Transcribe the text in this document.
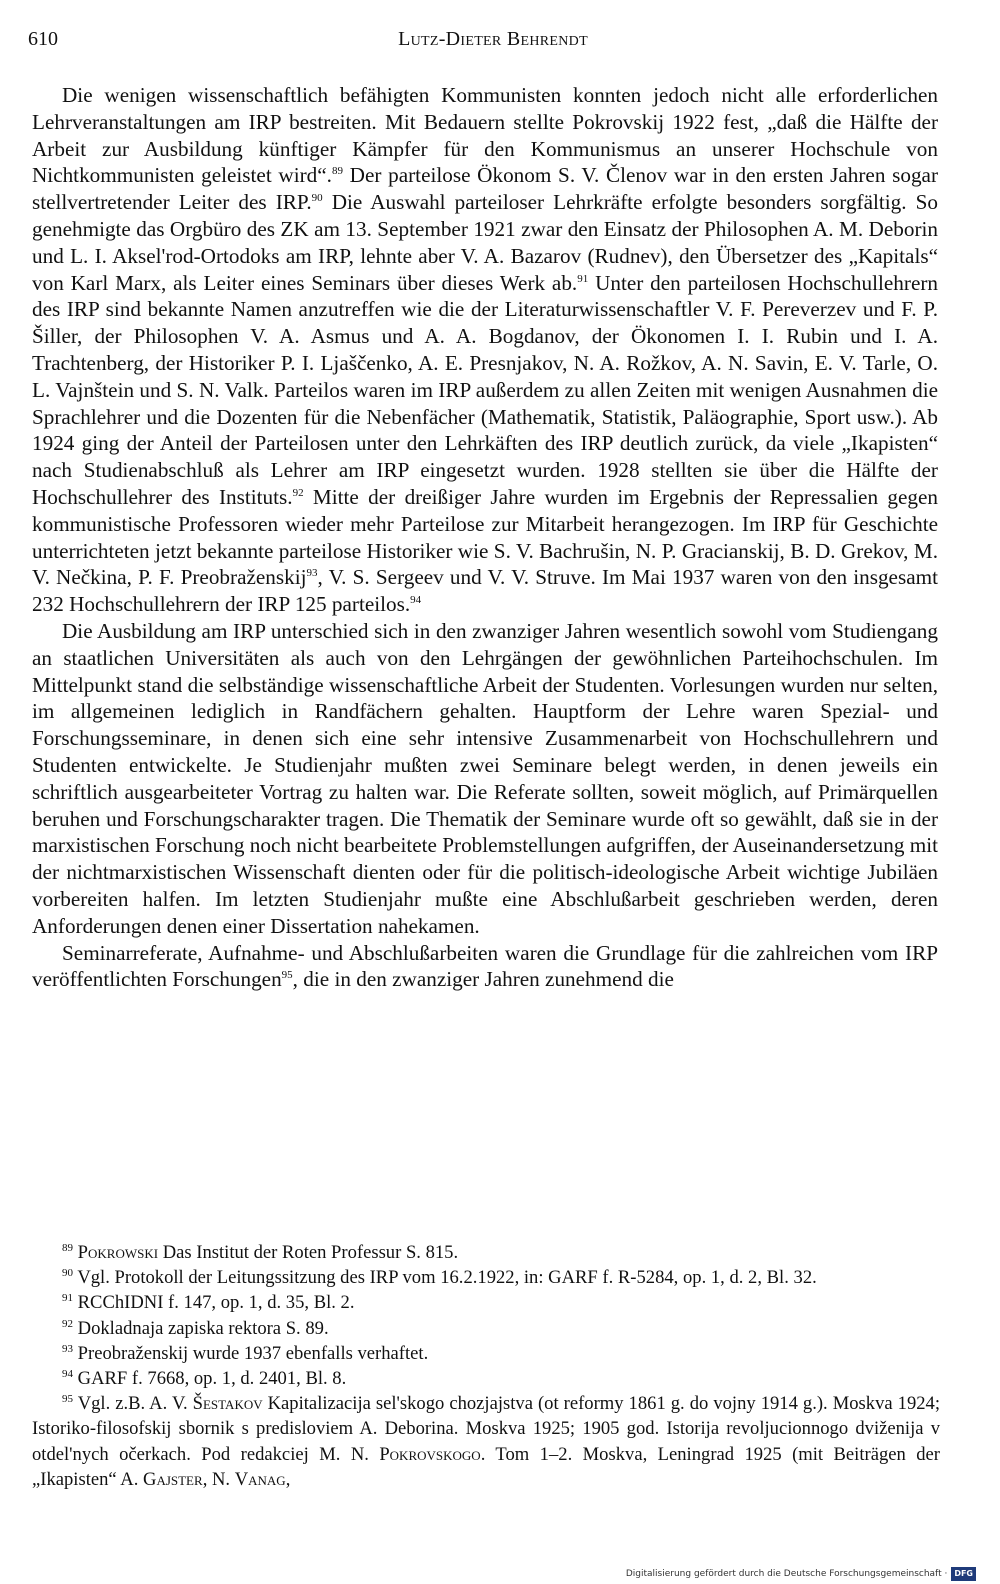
610	Lutz-Dieter Behrendt

Die wenigen wissenschaftlich befähigten Kommunisten konnten jedoch nicht alle erforderlichen Lehrveranstaltungen am IRP bestreiten. Mit Bedauern stellte Pokrovskij 1922 fest, „daß die Hälfte der Arbeit zur Ausbildung künftiger Kämpfer für den Kommunismus an unserer Hochschule von Nichtkommunisten geleistet wird“.$^{89}$ Der parteilose Ökonom S. V. Členov war in den ersten Jahren sogar stellvertretender Leiter des IRP.$^{90}$ Die Auswahl parteiloser Lehrkräfte erfolgte besonders sorgfältig. So genehmigte das Orgbüro des ZK am 13. September 1921 zwar den Einsatz der Philosophen A. M. Deborin und L. I. Aksel'rod-Ortodoks am IRP, lehnte aber V. A. Bazarov (Rudnev), den Übersetzer des „Kapitals“ von Karl Marx, als Leiter eines Seminars über dieses Werk ab.$^{91}$ Unter den parteilosen Hochschullehrern des IRP sind bekannte Namen anzutreffen wie die der Literaturwissenschaftler V. F. Pereverzev und F. P. Šiller, der Philosophen V. A. Asmus und A. A. Bogdanov, der Ökonomen I. I. Rubin und I. A. Trachtenberg, der Historiker P. I. Ljaščenko, A. E. Presnjakov, N. A. Rožkov, A. N. Savin, E. V. Tarle, O. L. Vajnštein und S. N. Valk. Parteilos waren im IRP außerdem zu allen Zeiten mit wenigen Ausnahmen die Sprachlehrer und die Dozenten für die Nebenfächer (Mathematik, Statistik, Paläographie, Sport usw.). Ab 1924 ging der Anteil der Parteilosen unter den Lehrkäften des IRP deutlich zurück, da viele „Ikapisten“ nach Studienabschluß als Lehrer am IRP eingesetzt wurden. 1928 stellten sie über die Hälfte der Hochschullehrer des Instituts.$^{92}$ Mitte der dreißiger Jahre wurden im Ergebnis der Repressalien gegen kommunistische Professoren wieder mehr Parteilose zur Mitarbeit herangezogen. Im IRP für Geschichte unterrichteten jetzt bekannte parteilose Historiker wie S. V. Bachrušin, N. P. Gracianskij, B. D. Grekov, M. V. Nečkina, P. F. Preobraženskij$^{93}$, V. S. Sergeev und V. V. Struve. Im Mai 1937 waren von den insgesamt 232 Hochschullehrern der IRP 125 parteilos.$^{94}$

Die Ausbildung am IRP unterschied sich in den zwanziger Jahren wesentlich sowohl vom Studiengang an staatlichen Universitäten als auch von den Lehrgängen der gewöhnlichen Parteihochschulen. Im Mittelpunkt stand die selbständige wissenschaftliche Arbeit der Studenten. Vorlesungen wurden nur selten, im allgemeinen lediglich in Randfächern gehalten. Hauptform der Lehre waren Spezial- und Forschungsseminare, in denen sich eine sehr intensive Zusammenarbeit von Hochschullehrern und Studenten entwickelte. Je Studienjahr mußten zwei Seminare belegt werden, in denen jeweils ein schriftlich ausgearbeiteter Vortrag zu halten war. Die Referate sollten, soweit möglich, auf Primärquellen beruhen und Forschungscharakter tragen. Die Thematik der Seminare wurde oft so gewählt, daß sie in der marxistischen Forschung noch nicht bearbeitete Problemstellungen aufgriffen, der Auseinandersetzung mit der nichtmarxistischen Wissenschaft dienten oder für die politisch-ideologische Arbeit wichtige Jubiläen vorbereiten halfen. Im letzten Studienjahr mußte eine Abschlußarbeit geschrieben werden, deren Anforderungen denen einer Dissertation nahekamen.

Seminarreferate, Aufnahme- und Abschlußarbeiten waren die Grundlage für die zahlreichen vom IRP veröffentlichten Forschungen$^{95}$, die in den zwanziger Jahren zunehmend die

$^{89}$ Pokrowski Das Institut der Roten Professur S. 815.

$^{90}$ Vgl. Protokoll der Leitungssitzung des IRP vom 16.2.1922, in: GARF f. R-5284, op. 1, d. 2, Bl. 32.

$^{91}$ RCChIDNI f. 147, op. 1, d. 35, Bl. 2.

$^{92}$ Dokladnaja zapiska rektora S. 89.

$^{93}$ Preobraženskij wurde 1937 ebenfalls verhaftet.

$^{94}$ GARF f. 7668, op. 1, d. 2401, Bl. 8.

$^{95}$ Vgl. z.B. A. V. Šestakov Kapitalizacija sel'skogo chozjajstva (ot reformy 1861 g. do vojny 1914 g.). Moskva 1924; Istoriko-filosofskij sbornik s predisloviem A. Deborina. Moskva 1925; 1905 god. Istorija revoljucionnogo dviženija v otdel'nych očerkach. Pod redakciej M. N. Pokrovskogo. Tom 1–2. Moskva, Leningrad 1925 (mit Beiträgen der „Ikapisten“ A. Gajster, N. Vanag,

Digitalisierung gefördert durch die Deutsche Forschungsgemeinschaft · DFG
